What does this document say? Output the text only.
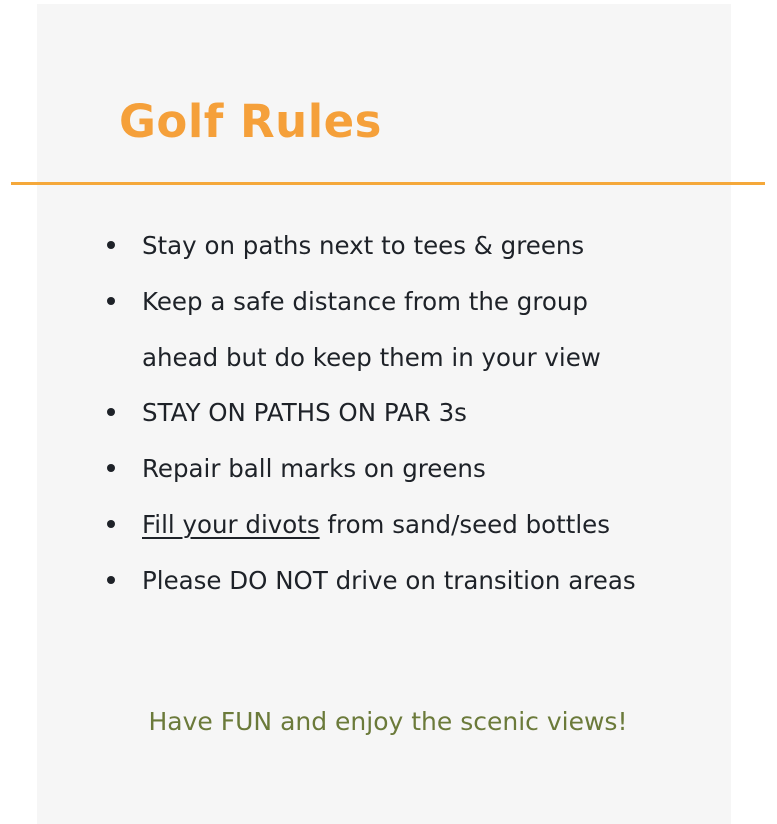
Golf Rules
Stay on paths next to tees & greens
Keep a safe distance from the group
ahead but do keep them in your view
STAY ON PATHS ON PAR 3s
Repair ball marks on greens
Fill your divots from sand/seed bottles
Please DO NOT drive on transition areas

Have FUN and enjoy the scenic views!
